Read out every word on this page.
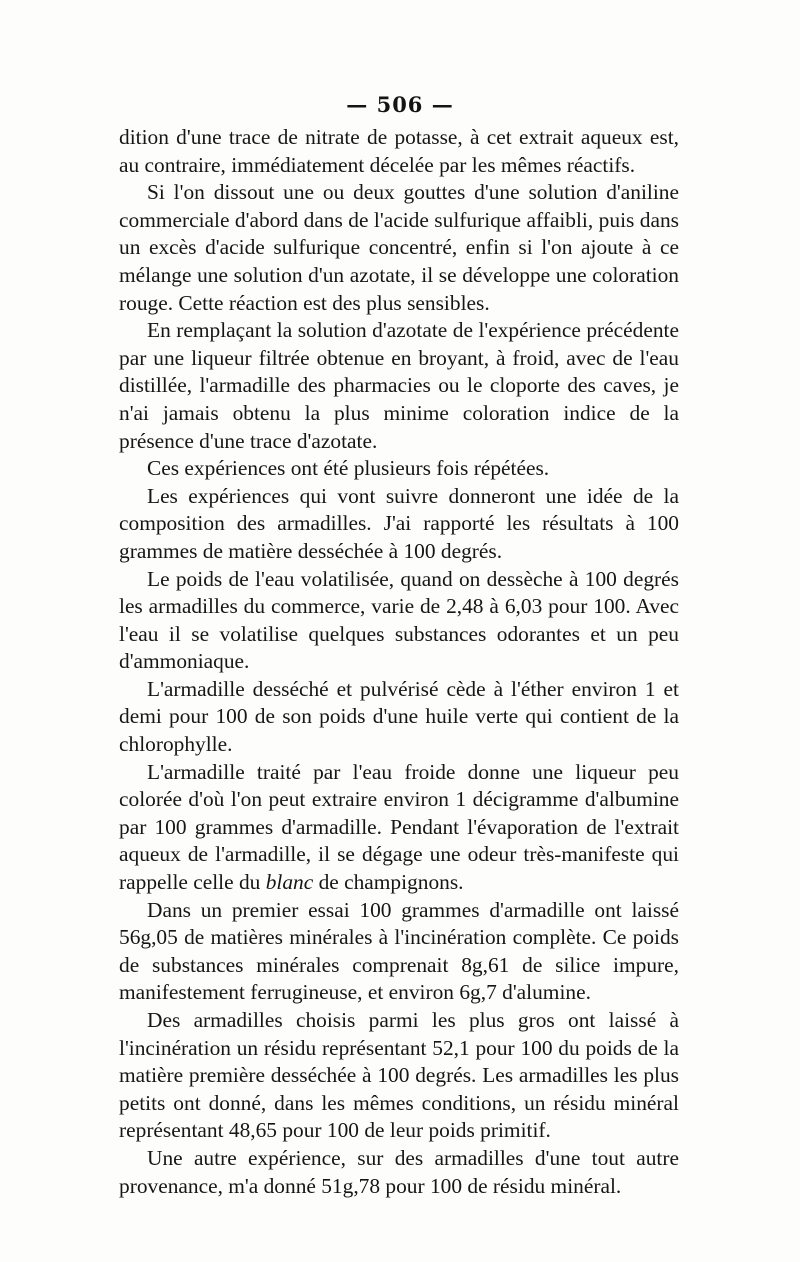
— 506 —

dition d'une trace de nitrate de potasse, à cet extrait aqueux est, au contraire, immédiatement décelée par les mêmes réactifs.

Si l'on dissout une ou deux gouttes d'une solution d'aniline commerciale d'abord dans de l'acide sulfurique affaibli, puis dans un excès d'acide sulfurique concentré, enfin si l'on ajoute à ce mélange une solution d'un azotate, il se développe une coloration rouge. Cette réaction est des plus sensibles.

En remplaçant la solution d'azotate de l'expérience précédente par une liqueur filtrée obtenue en broyant, à froid, avec de l'eau distillée, l'armadille des pharmacies ou le cloporte des caves, je n'ai jamais obtenu la plus minime coloration indice de la présence d'une trace d'azotate.

Ces expériences ont été plusieurs fois répétées.

Les expériences qui vont suivre donneront une idée de la composition des armadilles. J'ai rapporté les résultats à 100 grammes de matière desséchée à 100 degrés.

Le poids de l'eau volatilisée, quand on dessèche à 100 degrés les armadilles du commerce, varie de 2,48 à 6,03 pour 100. Avec l'eau il se volatilise quelques substances odorantes et un peu d'ammoniaque.

L'armadille desséché et pulvérisé cède à l'éther environ 1 et demi pour 100 de son poids d'une huile verte qui contient de la chlorophylle.

L'armadille traité par l'eau froide donne une liqueur peu colorée d'où l'on peut extraire environ 1 décigramme d'albumine par 100 grammes d'armadille. Pendant l'évaporation de l'extrait aqueux de l'armadille, il se dégage une odeur très-manifeste qui rappelle celle du blanc de champignons.

Dans un premier essai 100 grammes d'armadille ont laissé 56g,05 de matières minérales à l'incinération complète. Ce poids de substances minérales comprenait 8g,61 de silice impure, manifestement ferrugineuse, et environ 6g,7 d'alumine.

Des armadilles choisis parmi les plus gros ont laissé à l'incinération un résidu représentant 52,1 pour 100 du poids de la matière première desséchée à 100 degrés. Les armadilles les plus petits ont donné, dans les mêmes conditions, un résidu minéral représentant 48,65 pour 100 de leur poids primitif.

Une autre expérience, sur des armadilles d'une tout autre provenance, m'a donné 51g,78 pour 100 de résidu minéral.
